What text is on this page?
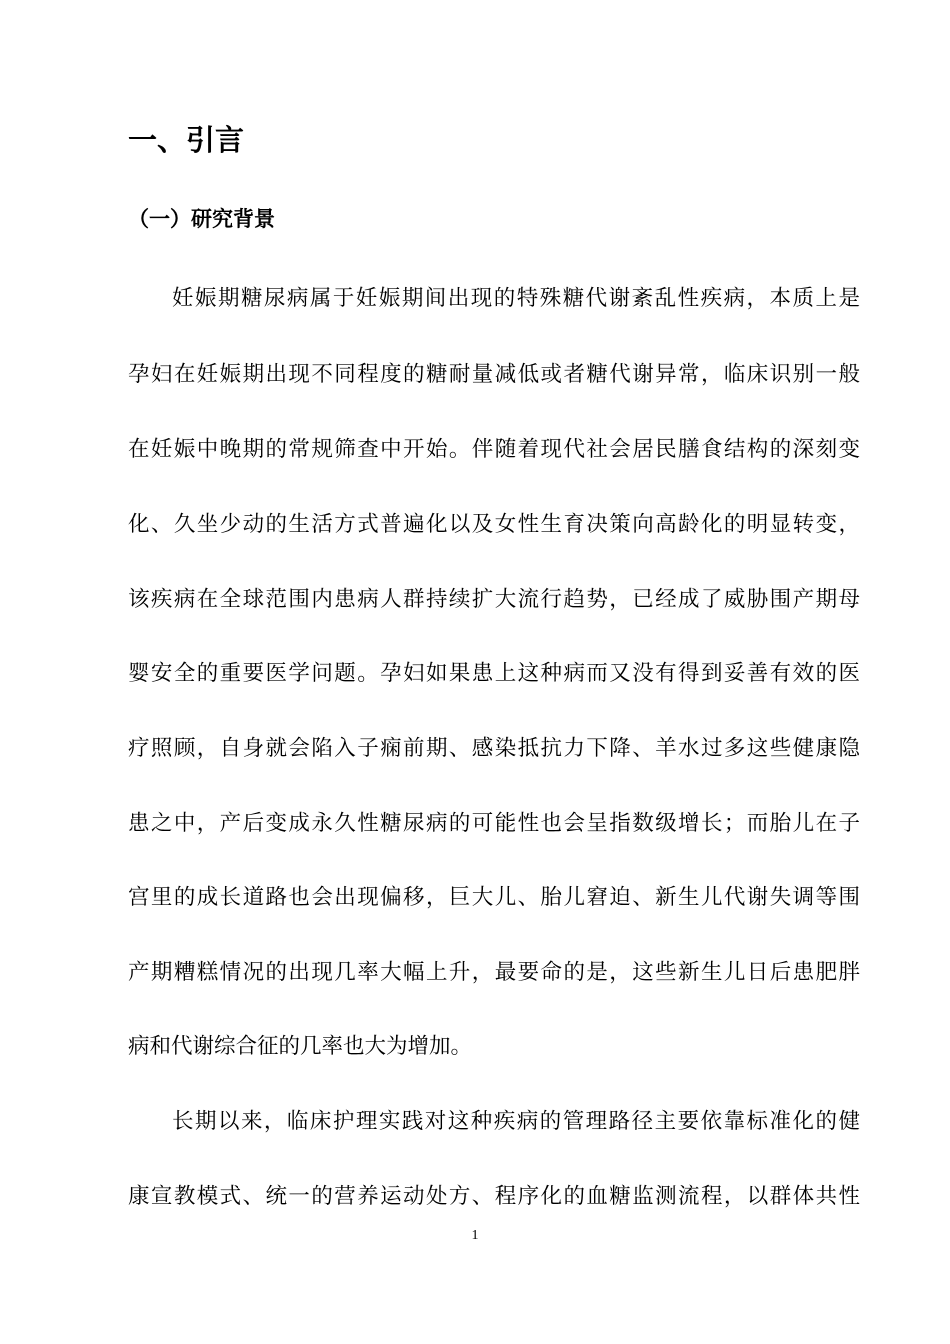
一、引言
（一）研究背景

妊娠期糖尿病属于妊娠期间出现的特殊糖代谢紊乱性疾病，本质上是

孕妇在妊娠期出现不同程度的糖耐量减低或者糖代谢异常，临床识别一般

在妊娠中晚期的常规筛查中开始。伴随着现代社会居民膳食结构的深刻变

化、久坐少动的生活方式普遍化以及女性生育决策向高龄化的明显转变，

该疾病在全球范围内患病人群持续扩大流行趋势，已经成了威胁围产期母

婴安全的重要医学问题。孕妇如果患上这种病而又没有得到妥善有效的医

疗照顾，自身就会陷入子痫前期、感染抵抗力下降、羊水过多这些健康隐

患之中，产后变成永久性糖尿病的可能性也会呈指数级增长；而胎儿在子

宫里的成长道路也会出现偏移，巨大儿、胎儿窘迫、新生儿代谢失调等围

产期糟糕情况的出现几率大幅上升，最要命的是，这些新生儿日后患肥胖

病和代谢综合征的几率也大为增加。

长期以来，临床护理实践对这种疾病的管理路径主要依靠标准化的健

康宣教模式、统一的营养运动处方、程序化的血糖监测流程，以群体共性

1
